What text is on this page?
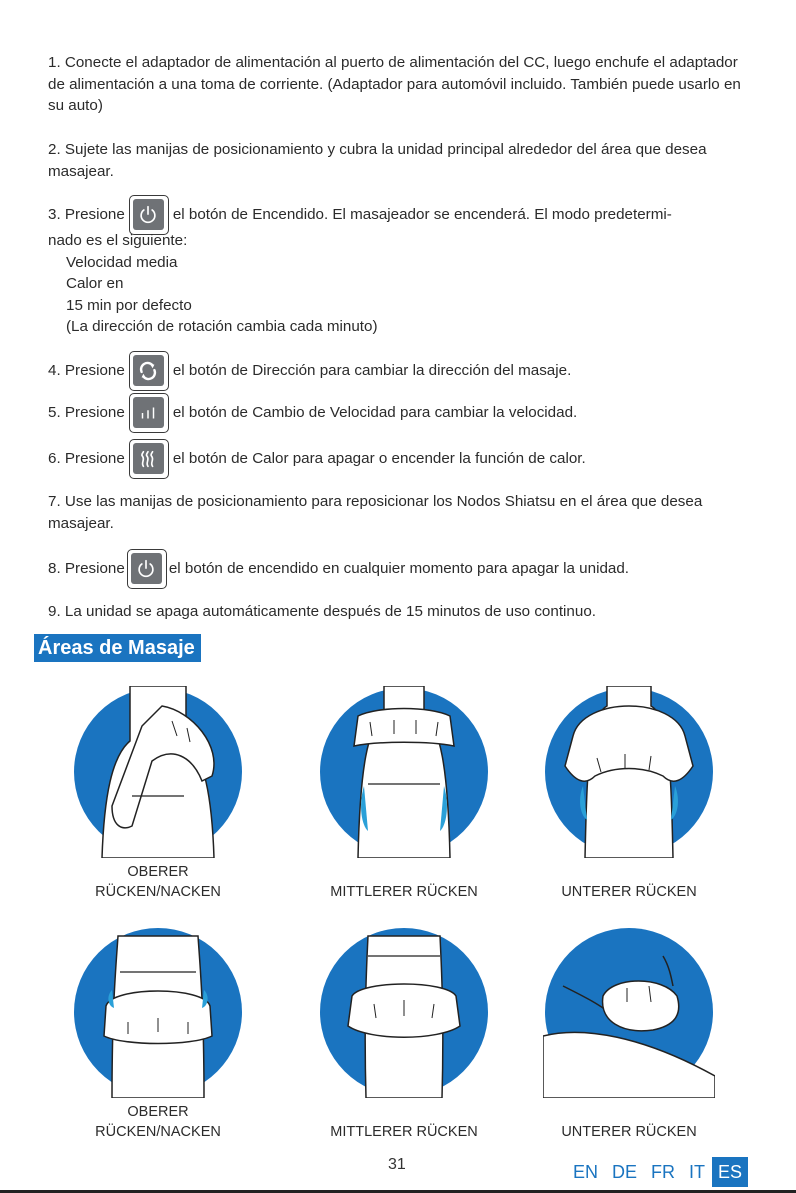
1. Conecte el adaptador de alimentación al puerto de alimentación del CC, luego enchufe el adaptador de alimentación a una toma de corriente. (Adaptador para automóvil incluido. También puede usarlo en su auto)

2. Sujete las manijas de posicionamiento y cubra la unidad principal alrededor del área que desea masajear.

3. Presione	el botón de Encendido. El masajeador se encenderá. El modo predetermi-
nado es el siguiente:
Velocidad media
Calor en
15 min por defecto
(La dirección de rotación cambia cada minuto)
4. Presione	el botón de Dirección para cambiar la dirección del masaje.
5. Presione	el botón de Cambio de Velocidad para cambiar la velocidad.
6. Presione	el botón de Calor para apagar o encender la función de calor.

7. Use las manijas de posicionamiento para reposicionar los Nodos Shiatsu en el área que desea masajear.

8. Presione	el botón de encendido en cualquier momento para apagar la unidad.

9. La unidad se apaga automáticamente después de 15 minutos de uso continuo.

Áreas de Masaje
OBERER
RÜCKEN/NACKEN	MITTLERER RÜCKEN	UNTERER RÜCKEN
OBERER
RÜCKEN/NACKEN	MITTLERER RÜCKEN	UNTERER RÜCKEN
31	EN DE FR IT ES
